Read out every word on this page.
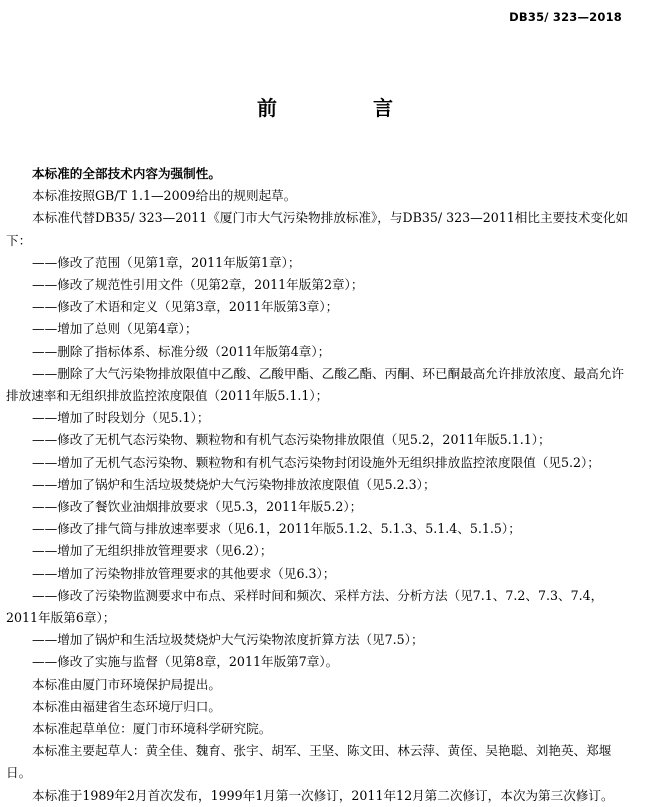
DB35/ 323—2018
前　言

本标准的全部技术内容为强制性。

本标准按照GB/T 1.1—2009给出的规则起草。

本标准代替DB35/ 323—2011《厦门市大气污染物排放标准》，与DB35/ 323—2011相比主要技术变化如下：

——修改了范围（见第1章，2011年版第1章）；

——修改了规范性引用文件（见第2章，2011年版第2章）；

——修改了术语和定义（见第3章，2011年版第3章）；

——增加了总则（见第4章）；

——删除了指标体系、标准分级（2011年版第4章）；

——删除了大气污染物排放限值中乙酸、乙酸甲酯、乙酸乙酯、丙酮、环已酮最高允许排放浓度、最高允许排放速率和无组织排放监控浓度限值（2011年版5.1.1）；

——增加了时段划分（见5.1）；

——修改了无机气态污染物、颗粒物和有机气态污染物排放限值（见5.2，2011年版5.1.1）；

——增加了无机气态污染物、颗粒物和有机气态污染物封闭设施外无组织排放监控浓度限值（见5.2）；

——增加了锅炉和生活垃圾焚烧炉大气污染物排放浓度限值（见5.2.3）；

——修改了餐饮业油烟排放要求（见5.3，2011年版5.2）；

——修改了排气筒与排放速率要求（见6.1，2011年版5.1.2、5.1.3、5.1.4、5.1.5）；

——增加了无组织排放管理要求（见6.2）；

——增加了污染物排放管理要求的其他要求（见6.3）；

——修改了污染物监测要求中布点、采样时间和频次、采样方法、分析方法（见7.1、7.2、7.3、7.4，2011年版第6章）；

——增加了锅炉和生活垃圾焚烧炉大气污染物浓度折算方法（见7.5）；

——修改了实施与监督（见第8章，2011年版第7章）。

本标准由厦门市环境保护局提出。

本标准由福建省生态环境厅归口。

本标准起草单位：厦门市环境科学研究院。

本标准主要起草人：黄全佳、魏育、张宇、胡军、王坚、陈文田、林云萍、黄侄、吴艳聪、刘艳英、郑堰日。

本标准于1989年2月首次发布，1999年1月第一次修订，2011年12月第二次修订，本次为第三次修订。
